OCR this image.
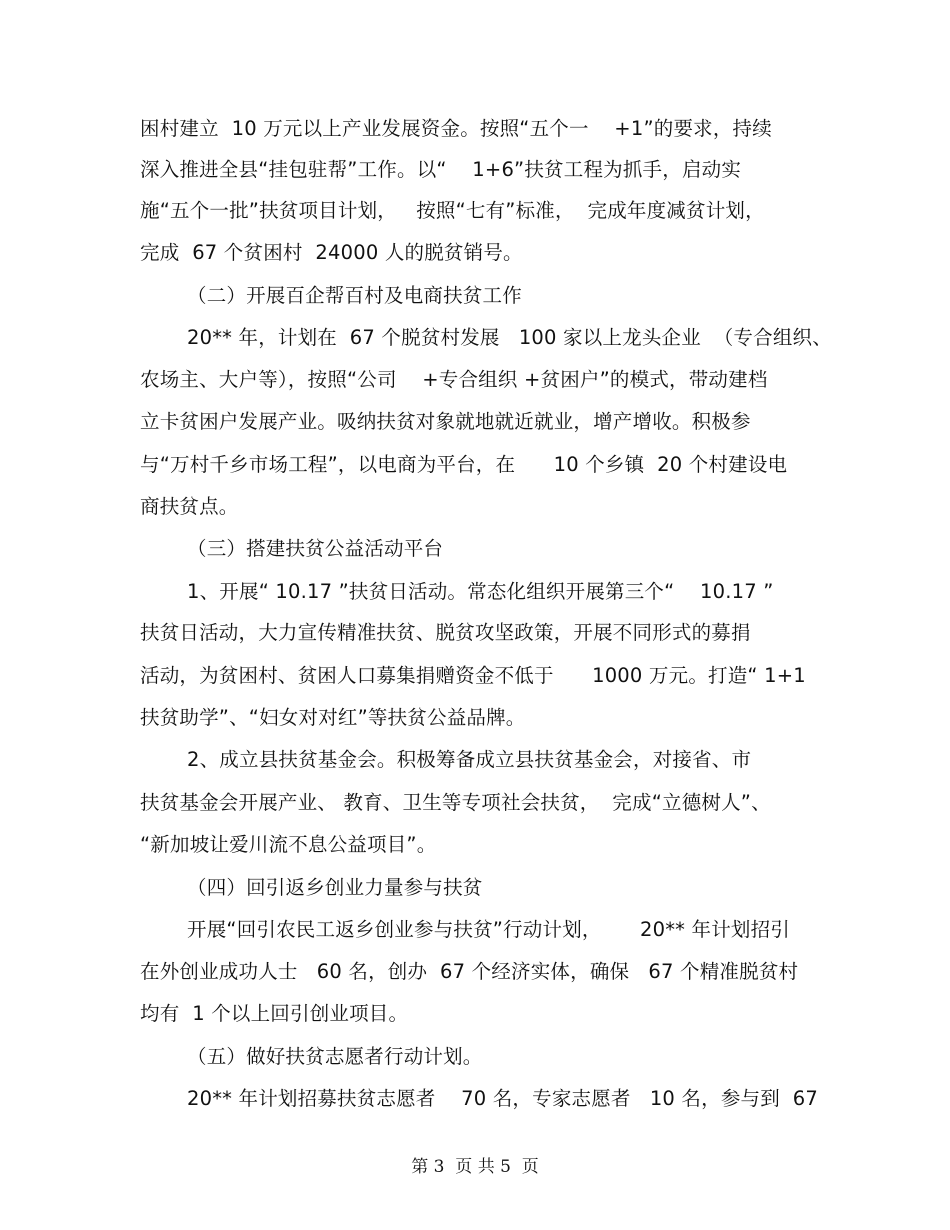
困村建立  10 万元以上产业发展资金。按照“五个一    +1”的要求，持续
深入推进全县“挂包驻帮”工作。以“    1+6”扶贫工程为抓手，启动实
施“五个一批”扶贫项目计划，   按照“七有”标准，  完成年度减贫计划，
完成  67 个贫困村  24000 人的脱贫销号。
（二）开展百企帮百村及电商扶贫工作
20** 年，计划在  67 个脱贫村发展   100 家以上龙头企业  （专合组织、
农场主、大户等），按照“公司    +专合组织 +贫困户”的模式，带动建档
立卡贫困户发展产业。吸纳扶贫对象就地就近就业，增产增收。积极参
与“万村千乡市场工程”，以电商为平台，在      10 个乡镇  20 个村建设电
商扶贫点。
（三）搭建扶贫公益活动平台
1、开展“ 10.17 ”扶贫日活动。常态化组织开展第三个“    10.17 ”
扶贫日活动，大力宣传精准扶贫、脱贫攻坚政策，开展不同形式的募捐
活动，为贫困村、贫困人口募集捐赠资金不低于      1000 万元。打造“ 1+1
扶贫助学”、“妇女对对红”等扶贫公益品牌。
2、成立县扶贫基金会。积极筹备成立县扶贫基金会，对接省、市
扶贫基金会开展产业、 教育、卫生等专项社会扶贫，  完成“立德树人”、
“新加坡让爱川流不息公益项目”。
（四）回引返乡创业力量参与扶贫
开展“回引农民工返乡创业参与扶贫”行动计划，      20** 年计划招引
在外创业成功人士   60 名，创办  67 个经济实体，确保   67 个精准脱贫村
均有  1 个以上回引创业项目。
（五）做好扶贫志愿者行动计划。
20** 年计划招募扶贫志愿者    70 名，专家志愿者   10 名，参与到  67
第 3  页 共 5  页
